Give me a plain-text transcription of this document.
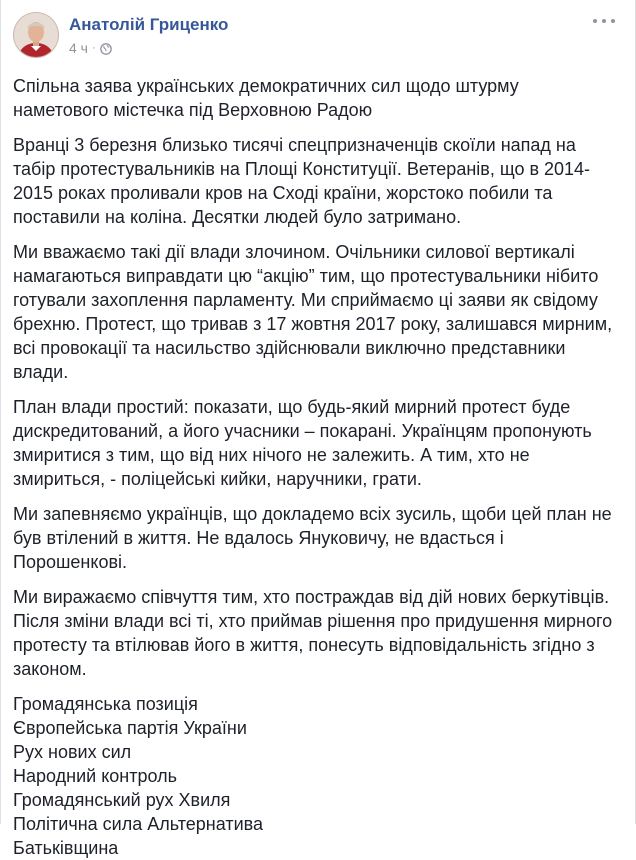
Анатолій Гриценко
4 ч ·

Спільна заява українських демократичних сил щодо штурму наметового містечка під Верховною Радою

Вранці 3 березня близько тисячі спецпризначенців скоїли напад на табір протестувальників на Площі Конституції. Ветеранів, що в 2014-2015 роках проливали кров на Сході країни, жорстоко побили та поставили на коліна. Десятки людей було затримано.

Ми вважаємо такі дії влади злочином. Очільники силової вертикалі намагаються виправдати цю “акцію” тим, що протестувальники нібито готували захоплення парламенту. Ми сприймаємо ці заяви як свідому брехню. Протест, що тривав з 17 жовтня 2017 року, залишався мирним, всі провокації та насильство здійснювали виключно представники влади.

План влади простий: показати, що будь-який мирний протест буде дискредитований, а його учасники – покарані. Українцям пропонують змиритися з тим, що від них нічого не залежить. А тим, хто не змириться, - поліцейські кийки, наручники, грати.

Ми запевняємо українців, що докладемо всіх зусиль, щоби цей план не був втілений в життя. Не вдалось Януковичу, не вдасться і Порошенкові.

Ми виражаємо співчуття тим, хто постраждав від дій нових беркутівців. Після зміни влади всі ті, хто приймав рішення про придушення мирного протесту та втілював його в життя, понесуть відповідальність згідно з законом.

Громадянська позиція
Європейська партія України
Рух нових сил
Народний контроль
Громадянський рух Хвиля
Політична сила Альтернатива
Батьківщина
